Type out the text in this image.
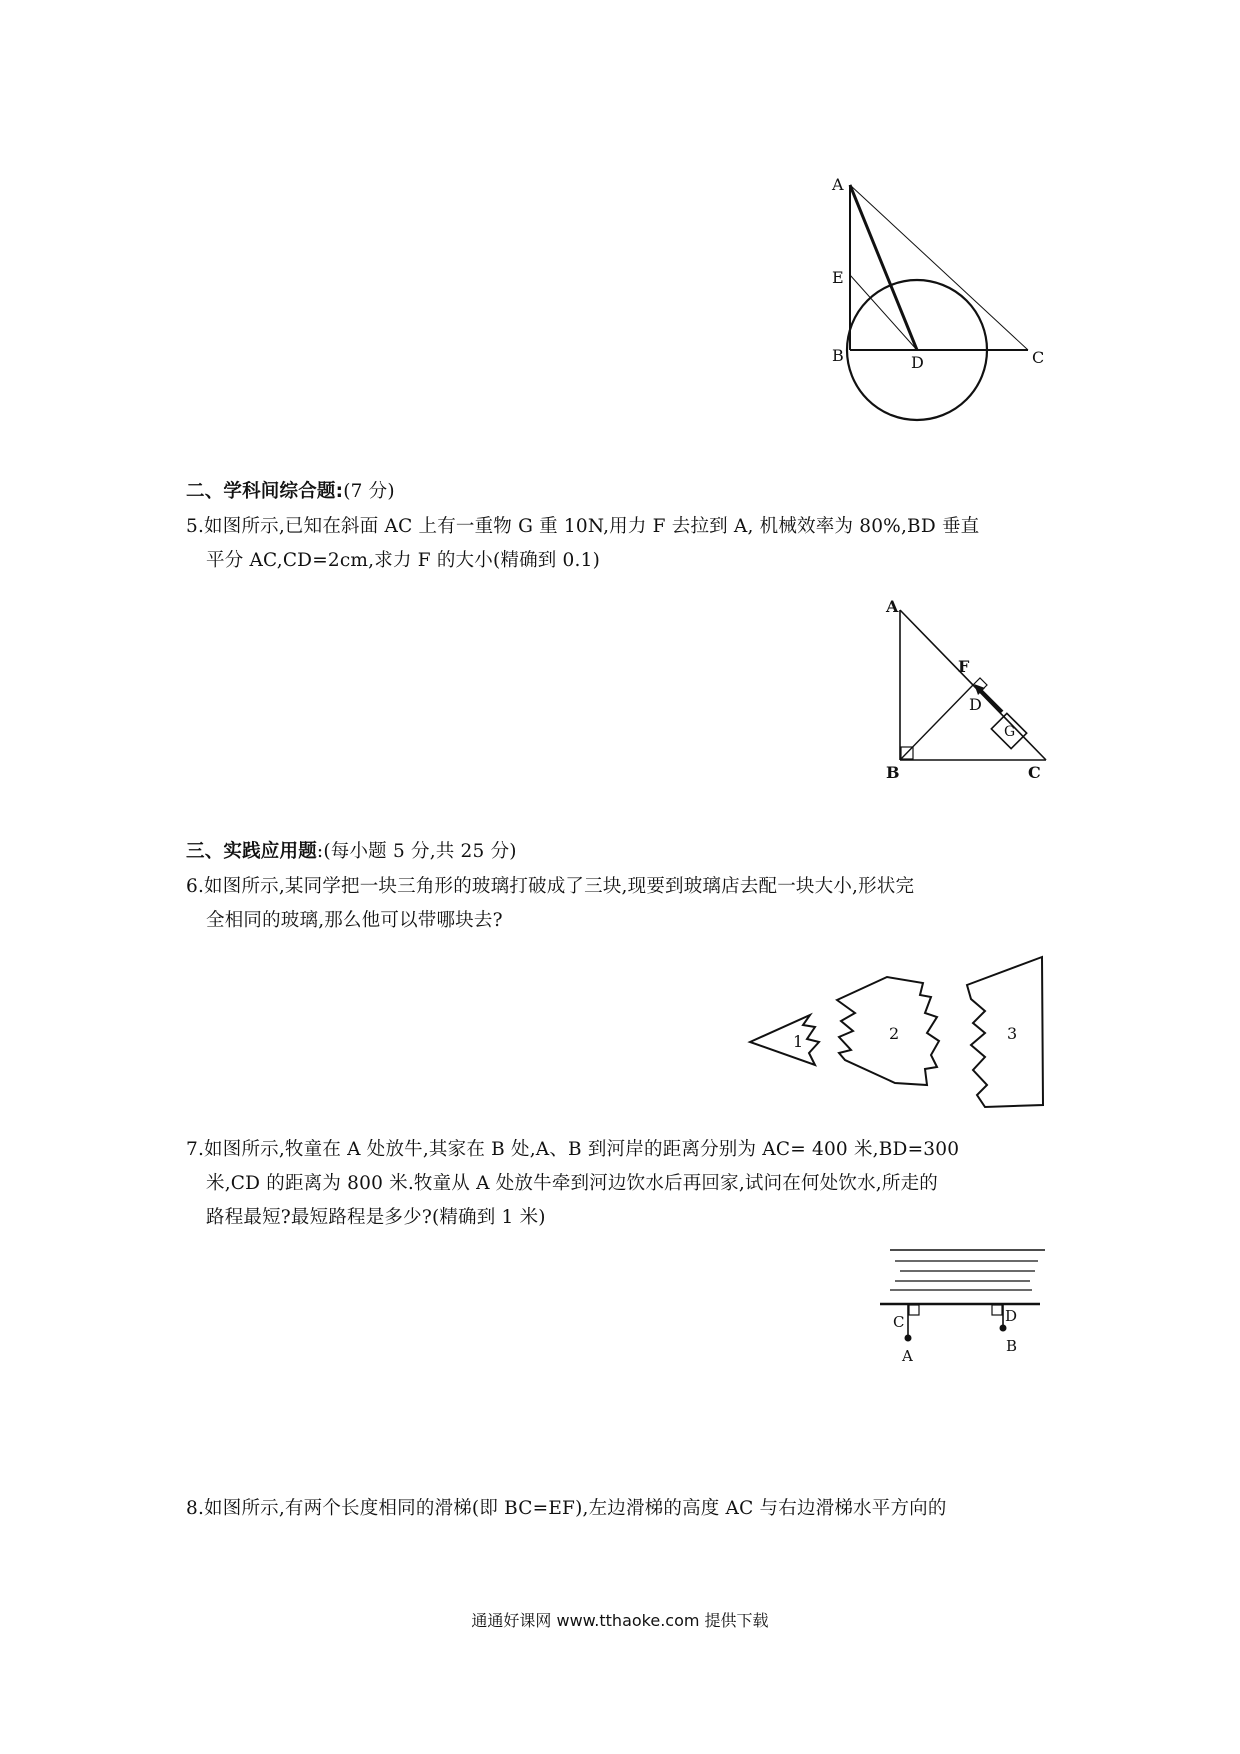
A
E
B	D	C
二、学科间综合题:(7 分)
5.如图所示,已知在斜面 AC 上有一重物 G 重 10N,用力 F 去拉到 A, 机械效率为 80%,BD 垂直
平分 AC,CD=2cm,求力 F 的大小(精确到 0.1)
A
F
D
G
B	C
三、实践应用题:(每小题 5 分,共 25 分)
6.如图所示,某同学把一块三角形的玻璃打破成了三块,现要到玻璃店去配一块大小,形状完
全相同的玻璃,那么他可以带哪块去?
1	2	3
7.如图所示,牧童在 A 处放牛,其家在 B 处,A、B 到河岸的距离分别为 AC= 400 米,BD=300
米,CD 的距离为 800 米.牧童从 A 处放牛牵到河边饮水后再回家,试问在何处饮水,所走的
路程最短?最短路程是多少?(精确到 1 米)
C	D
A
B
8.如图所示,有两个长度相同的滑梯(即 BC=EF),左边滑梯的高度 AC 与右边滑梯水平方向的
通通好课网 www.tthaoke.com 提供下载
